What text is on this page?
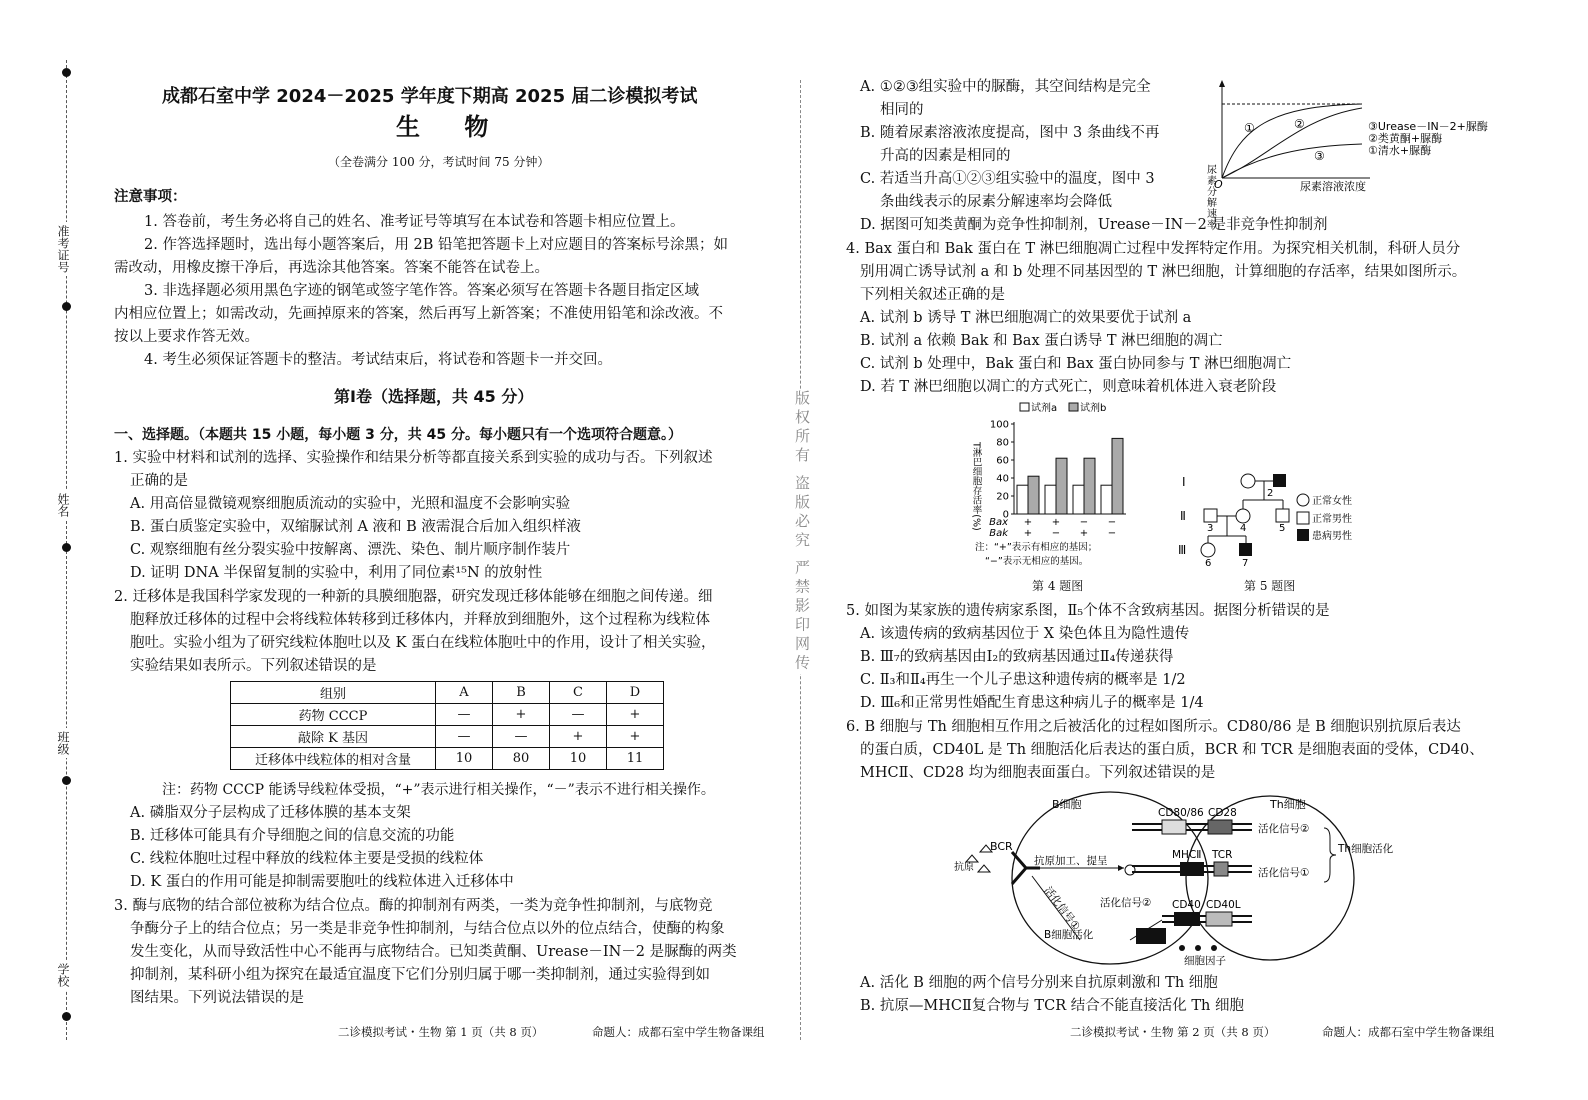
准考证号
姓名
班级
学校
版权所有 盗版必究 严禁影印网传
成都石室中学 2024－2025 学年度下期高 2025 届二诊模拟考试
生 物
（全卷满分 100 分，考试时间 75 分钟）
注意事项：
1. 答卷前，考生务必将自己的姓名、准考证号等填写在本试卷和答题卡相应位置上。
2. 作答选择题时，选出每小题答案后，用 2B 铅笔把答题卡上对应题目的答案标号涂黑；如
需改动，用橡皮擦干净后，再选涂其他答案。答案不能答在试卷上。
3. 非选择题必须用黑色字迹的钢笔或签字笔作答。答案必须写在答题卡各题目指定区域
内相应位置上；如需改动，先画掉原来的答案，然后再写上新答案；不准使用铅笔和涂改液。不
按以上要求作答无效。
4. 考生必须保证答题卡的整洁。考试结束后，将试卷和答题卡一并交回。
第Ⅰ卷（选择题，共 45 分）
一、选择题。（本题共 15 小题，每小题 3 分，共 45 分。每小题只有一个选项符合题意。）
1. 实验中材料和试剂的选择、实验操作和结果分析等都直接关系到实验的成功与否。下列叙述
正确的是
A. 用高倍显微镜观察细胞质流动的实验中，光照和温度不会影响实验
B. 蛋白质鉴定实验中，双缩脲试剂 A 液和 B 液需混合后加入组织样液
C. 观察细胞有丝分裂实验中按解离、漂洗、染色、制片顺序制作装片
D. 证明 DNA 半保留复制的实验中，利用了同位素¹⁵N 的放射性
2. 迁移体是我国科学家发现的一种新的具膜细胞器，研究发现迁移体能够在细胞之间传递。细
胞释放迁移体的过程中会将线粒体转移到迁移体内，并释放到细胞外，这个过程称为线粒体
胞吐。实验小组为了研究线粒体胞吐以及 K 蛋白在线粒体胞吐中的作用，设计了相关实验，
实验结果如表所示。下列叙述错误的是
组别	A	B	C	D
药物 CCCP	—	+	—	+
敲除 K 基因	—	—	+	+
迁移体中线粒体的相对含量	10	80	10	11
注：药物 CCCP 能诱导线粒体受损，“+”表示进行相关操作，“－”表示不进行相关操作。
A. 磷脂双分子层构成了迁移体膜的基本支架
B. 迁移体可能具有介导细胞之间的信息交流的功能
C. 线粒体胞吐过程中释放的线粒体主要是受损的线粒体
D. K 蛋白的作用可能是抑制需要胞吐的线粒体进入迁移体中
3. 酶与底物的结合部位被称为结合位点。酶的抑制剂有两类，一类为竞争性抑制剂，与底物竞
争酶分子上的结合位点；另一类是非竞争性抑制剂，与结合位点以外的位点结合，使酶的构象
发生变化，从而导致活性中心不能再与底物结合。已知类黄酮、Urease－IN－2 是脲酶的两类
抑制剂，某科研小组为探究在最适宜温度下它们分别归属于哪一类抑制剂，通过实验得到如
图结果。下列说法错误的是
二诊模拟考试・生物 第 1 页（共 8 页）	命题人：成都石室中学生物备课组
A. ①②③组实验中的脲酶，其空间结构是完全
相同的
B. 随着尿素溶液浓度提高，图中 3 条曲线不再
升高的因素是相同的
C. 若适当升高①②③组实验中的温度，图中 3
条曲线表示的尿素分解速率均会降低
D. 据图可知类黄酮为竞争性抑制剂，Urease－IN－2 是非竞争性抑制剂
尿素分解速率
O	尿素溶液浓度
①	②
③	①清水+脲酶
②类黄酮+脲酶
③Urease－IN－2+脲酶
4. Bax 蛋白和 Bak 蛋白在 T 淋巴细胞凋亡过程中发挥特定作用。为探究相关机制，科研人员分
别用凋亡诱导试剂 a 和 b 处理不同基因型的 T 淋巴细胞，计算细胞的存活率，结果如图所示。
下列相关叙述正确的是
A. 试剂 b 诱导 T 淋巴细胞凋亡的效果要优于试剂 a
B. 试剂 a 依赖 Bak 和 Bax 蛋白诱导 T 淋巴细胞的凋亡
C. 试剂 b 处理中，Bak 蛋白和 Bax 蛋白协同参与 T 淋巴细胞凋亡
D. 若 T 淋巴细胞以凋亡的方式死亡，则意味着机体进入衰老阶段
T淋巴细胞存活率(%)
试剂a 试剂b
0
20
40
60
80
100
+
+
+
−
−
+
−
−
Bax
Bak
注：“+”表示有相应的基因；
“−”表示无相应的基因。
第 4 题图
Ⅰ
Ⅱ
Ⅲ
2
3	4	5
6	7
正常女性
正常男性
患病男性
第 5 题图
5. 如图为某家族的遗传病家系图，Ⅱ₅个体不含致病基因。据图分析错误的是
A. 该遗传病的致病基因位于 X 染色体且为隐性遗传
B. Ⅲ₇的致病基因由Ⅰ₂的致病基因通过Ⅱ₄传递获得
C. Ⅱ₃和Ⅱ₄再生一个儿子患这种遗传病的概率是 1/2
D. Ⅲ₆和正常男性婚配生育患这种病儿子的概率是 1/4
6. B 细胞与 Th 细胞相互作用之后被活化的过程如图所示。CD80/86 是 B 细胞识别抗原后表达
的蛋白质，CD40L 是 Th 细胞活化后表达的蛋白质，BCR 和 TCR 是细胞表面的受体，CD40、
MHCⅡ、CD28 均为细胞表面蛋白。下列叙述错误的是
B细胞	Th细胞
BCR
抗原
抗原加工、提呈
活化信号①
B细胞活化
CD80/86 CD28
MHCⅡ TCR
CD40 CD40L
活化信号②
细胞因子
活化信号②
活化信号①
Th细胞活化
A. 活化 B 细胞的两个信号分别来自抗原刺激和 Th 细胞
B. 抗原—MHCⅡ复合物与 TCR 结合不能直接活化 Th 细胞
二诊模拟考试・生物 第 2 页（共 8 页）	命题人：成都石室中学生物备课组
